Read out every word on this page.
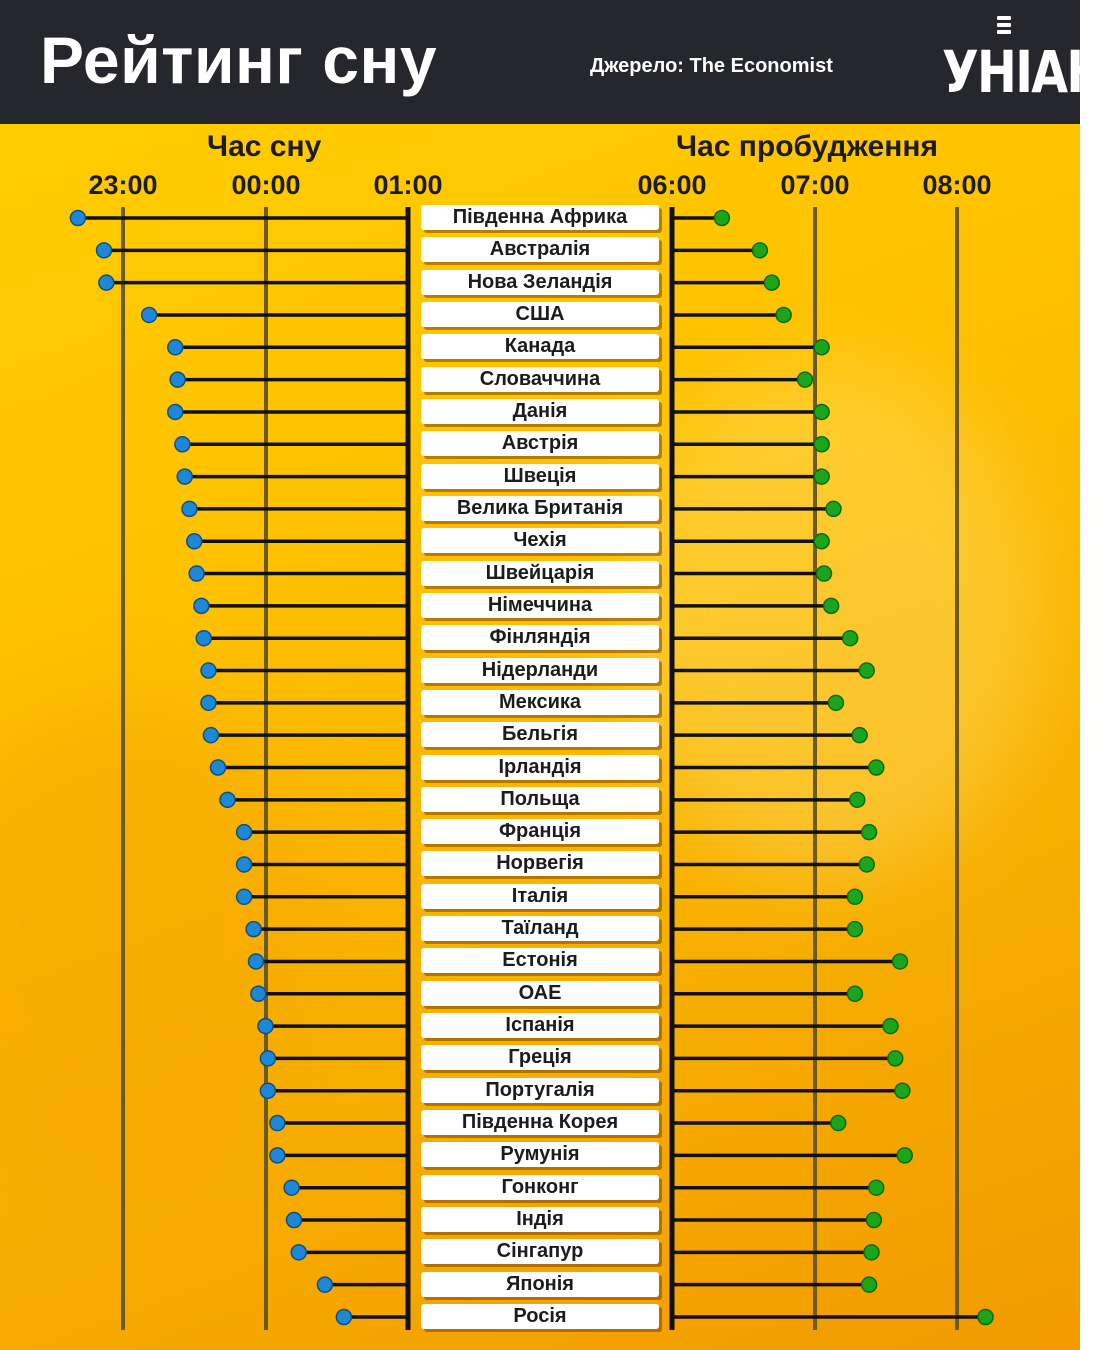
Рейтинг сну	Джерело: The Economist УНІАН
Час сну	Час пробудження
23:00	00:00	01:00	06:00	07:00	08:00
Південна Африка
Австралія
Нова Зеландія
США
Канада
Словаччина
Данія
Австрія
Швеція
Велика Британія
Чехія
Швейцарія
Німеччина
Фінляндія
Нідерланди
Мексика
Бельгія
Ірландія
Польща
Франція
Норвегія
Італія
Таїланд
Естонія
ОАЕ
Іспанія
Греція
Португалія
Південна Корея
Румунія
Гонконг
Індія
Сінгапур
Японія
Росія
